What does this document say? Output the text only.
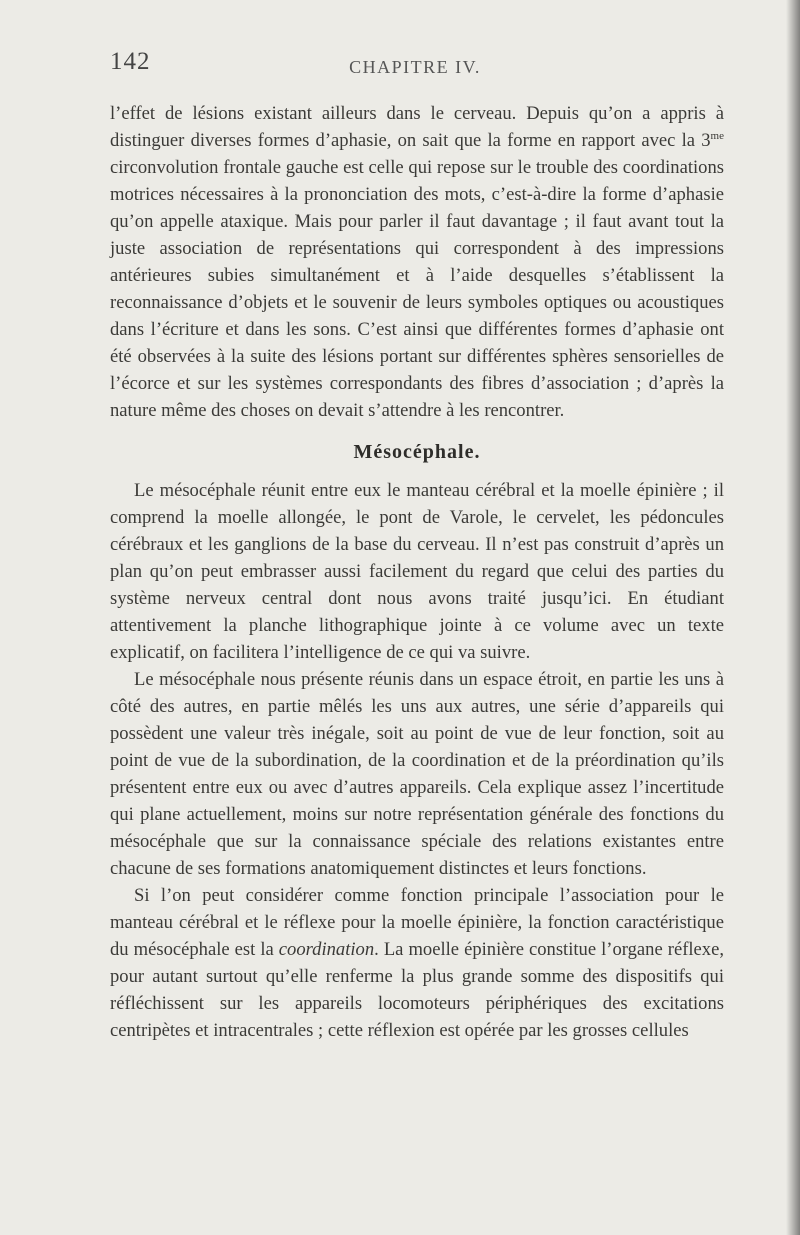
142	CHAPITRE IV.

l’effet de lésions existant ailleurs dans le cerveau. Depuis qu’on a appris à distinguer diverses formes d’aphasie, on sait que la forme en rapport avec la $3^{me}$ circonvolution frontale gauche est celle qui repose sur le trouble des coordinations motrices nécessaires à la prononciation des mots, c’est-à-dire la forme d’aphasie qu’on appelle ataxique. Mais pour parler il faut davantage ; il faut avant tout la juste association de représentations qui correspondent à des impressions antérieures subies simultanément et à l’aide desquelles s’établissent la reconnaissance d’objets et le souvenir de leurs symboles optiques ou acoustiques dans l’écriture et dans les sons. C’est ainsi que différentes formes d’aphasie ont été observées à la suite des lésions portant sur différentes sphères sensorielles de l’écorce et sur les systèmes correspondants des fibres d’association ; d’après la nature même des choses on devait s’attendre à les rencontrer.

Mésocéphale.

Le mésocéphale réunit entre eux le manteau cérébral et la moelle épinière ; il comprend la moelle allongée, le pont de Varole, le cervelet, les pédoncules cérébraux et les ganglions de la base du cerveau. Il n’est pas construit d’après un plan qu’on peut embrasser aussi facilement du regard que celui des parties du système nerveux central dont nous avons traité jusqu’ici. En étudiant attentivement la planche lithographique jointe à ce volume avec un texte explicatif, on facilitera l’intelligence de ce qui va suivre.

Le mésocéphale nous présente réunis dans un espace étroit, en partie les uns à côté des autres, en partie mêlés les uns aux autres, une série d’appareils qui possèdent une valeur très inégale, soit au point de vue de leur fonction, soit au point de vue de la subordination, de la coordination et de la préordination qu’ils présentent entre eux ou avec d’autres appareils. Cela explique assez l’incertitude qui plane actuellement, moins sur notre représentation générale des fonctions du mésocéphale que sur la connaissance spéciale des relations existantes entre chacune de ses formations anatomiquement distinctes et leurs fonctions.

Si l’on peut considérer comme fonction principale l’association pour le manteau cérébral et le réflexe pour la moelle épinière, la fonction caractéristique du mésocéphale est la coordination. La moelle épinière constitue l’organe réflexe, pour autant surtout qu’elle renferme la plus grande somme des dispositifs qui réfléchissent sur les appareils locomoteurs périphériques des excitations centripètes et intracentrales ; cette réflexion est opérée par les grosses cellules
